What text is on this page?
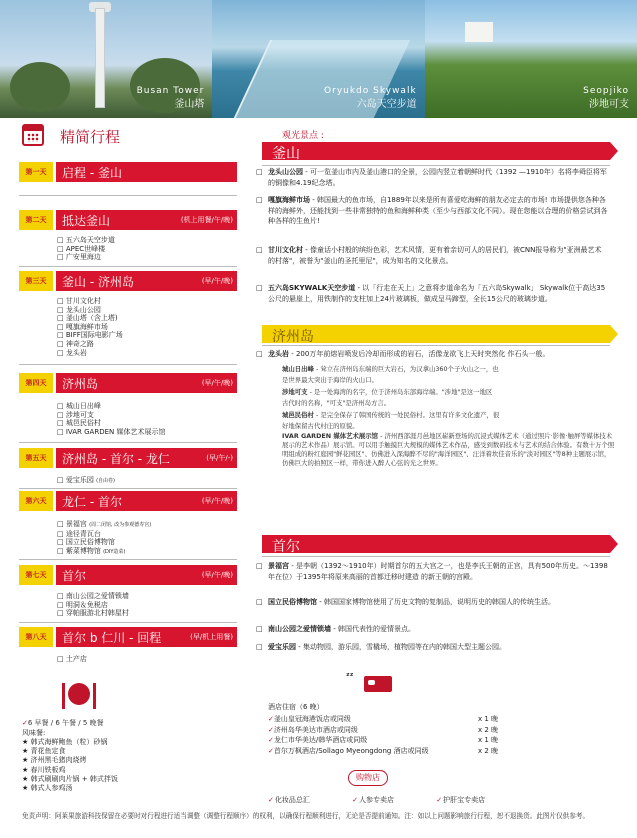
Busan Tower
釜山塔
Oryukdo Skywalk
六岛天空步道
Seopjiko
涉地可支
精简行程
第一天	启程 - 釜山
第二天	抵达釜山	(机上用餐/午/晚)
□ 五六岛天空步道
□ APEC世峰楼
□ 广安里海边
第三天	釜山 - 济州岛	(早/午/晚)
□ 甘川文化村
□ 龙头山公园
□ 釜山塔（含上塔)
□ 嘎旗海鲜市场
□ BIFF国际电影广场
□ 神奇之路
□ 龙头岩
第四天	济州岛	(早/午/晚)
□ 城山日出峰
□ 涉地可支
□ 城邑民俗村
□ IVAR GARDEN 媒体艺术展示馆
第五天	济州岛 - 首尔 - 龙仁	(早/午/-)
□ 爱宝乐园 (自由卷)
第六天	龙仁 - 首尔	(早/午/晚)
□ 景福宫 (周二闭馆, 改为参观德寿宫)
□ 途径青瓦台
□ 国立民俗博物馆
□ 紫菜博物馆 (DIY造菜)
第七天	首尔	(早/午/晚)
□ 南山公园之爱情锁墙
□ 明洞＆免税店
□ 穿帕服游北村韩屋村
第八天	首尔 b 仁川 - 回程	(早/机上用餐)
□ 土产店
✓6 早餐 / 6 午餐 / 5 晚餐
风味餐:
★ 韩式海鲜鲍鱼（粒）砂锅
★ 青花鱼定食
★ 济州黑毛猪肉烧烤
★ 春川铁板鸡
★ 韩式刷刷肉片锅 + 韩式拌饭
★ 韩式人参鸡汤
观光景点 :
釜山
□ 龙头山公园 - 可一览釜山市内及釜山港口的全景，公园内竖立着朝鲜时代（1392 —1910年）名将李舜臣将军的铜像和4.19纪念塔。
□ 嘎旗海鲜市场 - 韩国最大的鱼市场，自1889年以来是所有喜爱吃海鲜的朋友必定去的市场! 市场提供您各种各样的海鲜外，还能找到一些非常独特的鱼和海鲜种类（至少与西部文化不同）。现在您能以合理的价格尝试到各种各样的生鱼片!
□ 甘川文化村 - 像童话小村般的缤纷色彩，艺术风情，更有着亲切可人的居民们，被CNN报导称为"亚洲最艺术的村落"，被誉为"釜山的圣托里尼"，成为知名的文化景点。
□ 五六岛SKYWALK天空步道 - 以「行走在天上」之意将步道命名为「五六岛Skywalk」 Skywalk位于高达35公尺的悬崖上，用铁制作的支柱加上24片玻璃板，做成呈马蹄型，全长15公尺的玻璃步道。
济州岛
□ 龙头岩 - 200万年前熔岩喷发后冷却而形成的岩石，活像龙欲飞上天时突然化 作石头一般。
城山日出峰 - 耸立在济州岛东端的巨大岩石，为汉拿山360个子火山之一，也
是世界最大突出于海岸的火山口。
涉地可支 - 是一处海湾的名字，位于济州岛东部海岸端。"涉地"是这一地区
古代时的名称，"可支"是济州岛方言。
城邑民俗村 - 是完全保存了韩国传统的一处民俗村。这里有许多文化遗产，很
好地保留古代村庄的原貌。
IVAR GARDEN 媒体艺术展示馆 - 济州西部涯月邑地区崭新登场的沉浸式媒体艺术（通过照片·影像·触屏等媒体技术展示的艺术作品）展示馆。可以用手触摸巨大规模的媒体艺术作品，感受到数码技术与艺术的结合体验。有数十万个照明组成的粉红庭园"鲜花园区"、仿佛进入深海醉不尽的"海洋园区"、汪洋着坎佳音乐的"淡对园区"等8种主题展示馆，仿佛巨大的拍照区一样，带你进入醉人心弦的光之世界。
首尔
□ 景福宫 - 是李朝（1392～1910年）时期首尔的五大宫之一，也是李氏王朝的正宫，具有500年历史。～1398年在位）于1395年将原来高丽的首都迁移时建造 的新王朝的宫殿。
□ 国立民俗博物馆 - 韩国国家博物馆使用了历史文物的复制品，说明历史的韩国人的传统生活。
□ 南山公园之爱情锁墙 - 韩国代表性的爱情景点。
□ 爱宝乐园 - 集动物园，游乐园，雪橇场，植物园等在内的韩国大型主题公园。
ᶻᶻ
酒店住宿（6 晚）
✓釜山皇冠海港饭店或同级	x 1 晚
✓济州岛华美达市酒店或同级	x 2 晚
✓龙仁市华美达/韩华酒店或同级	x 1 晚
✓首尔万枫酒店/Sollago Myeongdong 酒店或同级	x 2 晚
购物店
✓化妆品总汇	✓人参专卖店	✓护肝宝专卖店
免责声明：阿莱果旅游科技保留在必要时对行程进行适当调整（调整行程顺序）的权利，以确保行程顺利进行，无论是否提前通知。注：如以上问题影响旅行行程，恕不退换货。此图片仅供参考。
